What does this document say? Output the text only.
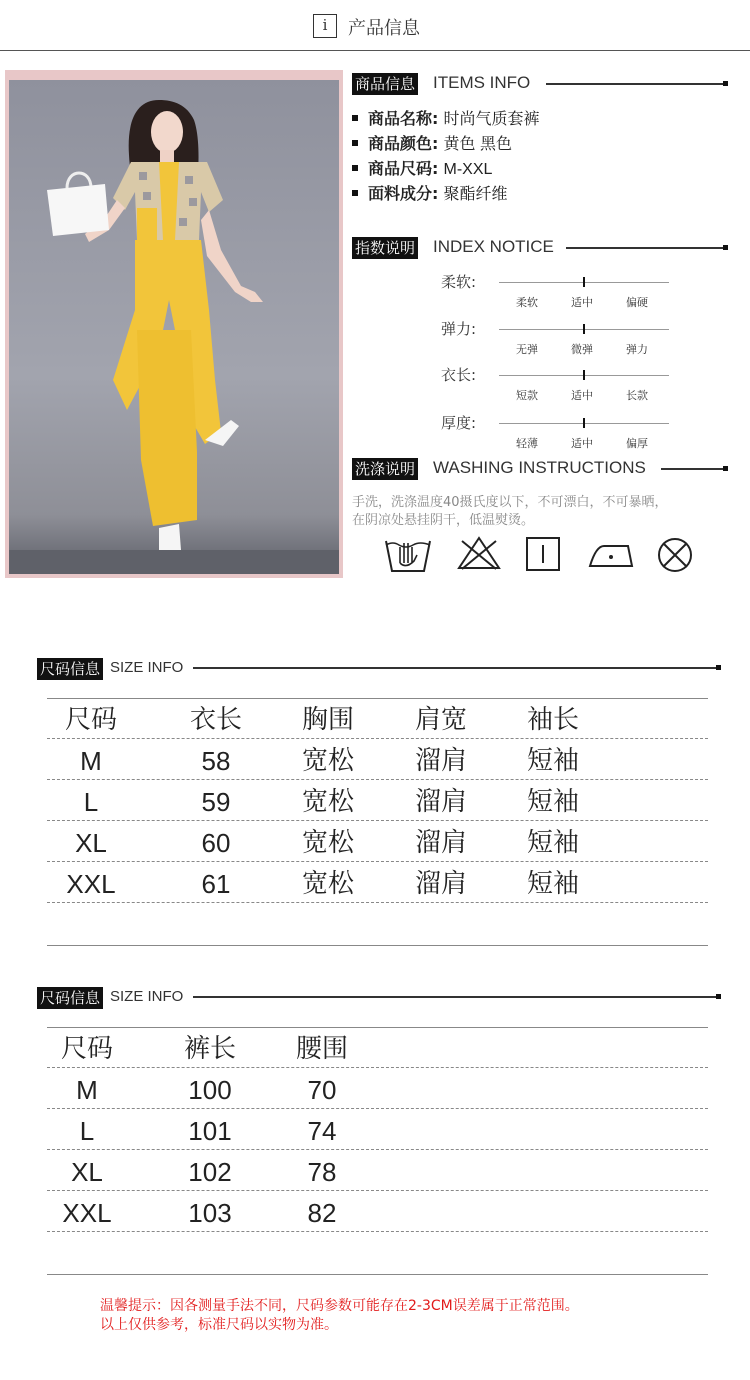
i	产品信息
商品信息 ITEMS INFO
商品名称: 时尚气质套裤
商品颜色: 黄色 黑色
商品尺码: M-XXL
面料成分: 聚酯纤维
指数说明 INDEX NOTICE
柔软:
柔软	适中	偏硬
弹力:
无弹	微弹	弹力
衣长:
短款	适中	长款
厚度:
轻薄	适中	偏厚
洗涤说明 WASHING INSTRUCTIONS
手洗，洗涤温度40摄氏度以下，不可漂白，不可暴晒，
在阴凉处悬挂阴干，低温熨烫。
尺码信息 SIZE INFO
尺码	衣长	胸围	肩宽	袖长
M	58	宽松	溜肩	短袖
L	59	宽松	溜肩	短袖
XL	60	宽松	溜肩	短袖
XXL	61	宽松	溜肩	短袖
尺码信息 SIZE INFO
尺码	裤长	腰围
M	100	70
L	101	74
XL	102	78
XXL	103	82
温馨提示：因各测量手法不同，尺码参数可能存在2-3CM误差属于正常范围。
以上仅供参考，标准尺码以实物为准。
